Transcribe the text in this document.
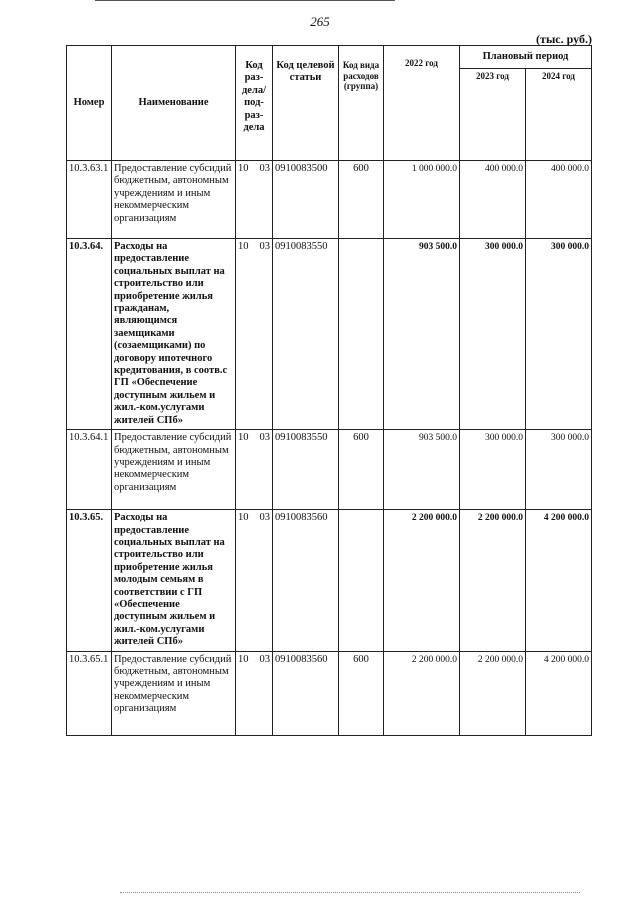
265
(тыс. руб.)
Номер	Наименование	Код раз-дела/ под-раз-дела	Код целевой статьи	Код вида расходов (группа)	2022 год	Плановый период	
						2023 год	2024 год
10.3.63.1	Предоставление субсидий бюджетным, автономным учреждениям и иным некоммерческим организациям	10 03	0910083500	600	1 000 000.0	400 000.0	400 000.0
10.3.64.	Расходы на предоставление социальных выплат на строительство или приобретение жилья гражданам, являющимся заемщиками (созаемщиками) по договору ипотечного кредитования, в соотв.с ГП «Обеспечение доступным жильем и жил.-ком.услугами жителей СПб»	10 03	0910083550		903 500.0	300 000.0	300 000.0
10.3.64.1	Предоставление субсидий бюджетным, автономным учреждениям и иным некоммерческим организациям	10 03	0910083550	600	903 500.0	300 000.0	300 000.0
10.3.65.	Расходы на предоставление социальных выплат на строительство или приобретение жилья молодым семьям в соответствии с ГП «Обеспечение доступным жильем и жил.-ком.услугами жителей СПб»	10 03	0910083560		2 200 000.0	2 200 000.0	4 200 000.0
10.3.65.1	Предоставление субсидий бюджетным, автономным учреждениям и иным некоммерческим организациям	10 03	0910083560	600	2 200 000.0	2 200 000.0	4 200 000.0
